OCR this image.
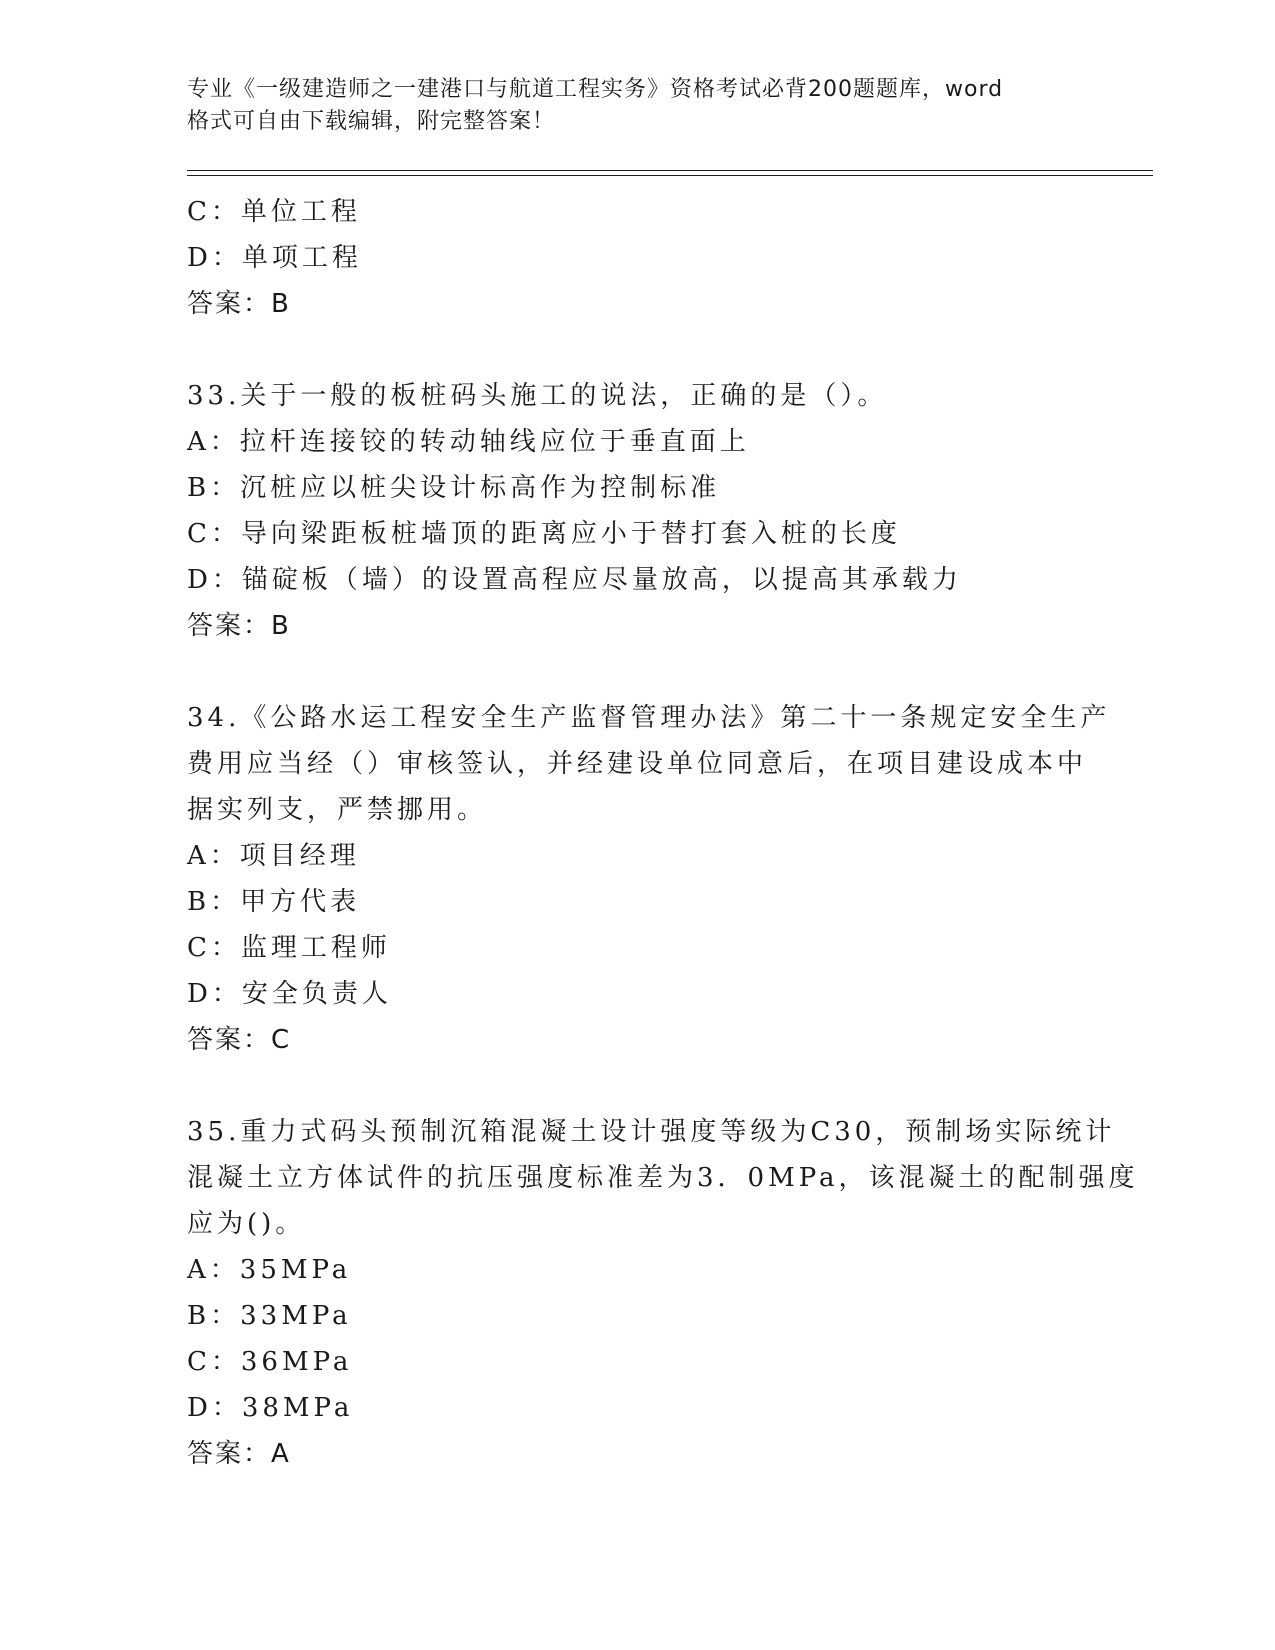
专业《一级建造师之一建港口与航道工程实务》资格考试必背200题题库，word
格式可自由下载编辑，附完整答案！
C：单位工程
D：单项工程
答案：B
33.关于一般的板桩码头施工的说法，正确的是（）。
A：拉杆连接铰的转动轴线应位于垂直面上
B：沉桩应以桩尖设计标高作为控制标准
C：导向梁距板桩墙顶的距离应小于替打套入桩的长度
D：锚碇板（墙）的设置高程应尽量放高，以提高其承载力
答案：B
34.《公路水运工程安全生产监督管理办法》第二十一条规定安全生产
费用应当经（）审核签认，并经建设单位同意后，在项目建设成本中
据实列支，严禁挪用。
A：项目经理
B：甲方代表
C：监理工程师
D：安全负责人
答案：C
35.重力式码头预制沉箱混凝土设计强度等级为C30，预制场实际统计
混凝土立方体试件的抗压强度标准差为3．0MPa，该混凝土的配制强度
应为()。
A：35MPa
B：33MPa
C：36MPa
D：38MPa
答案：A
